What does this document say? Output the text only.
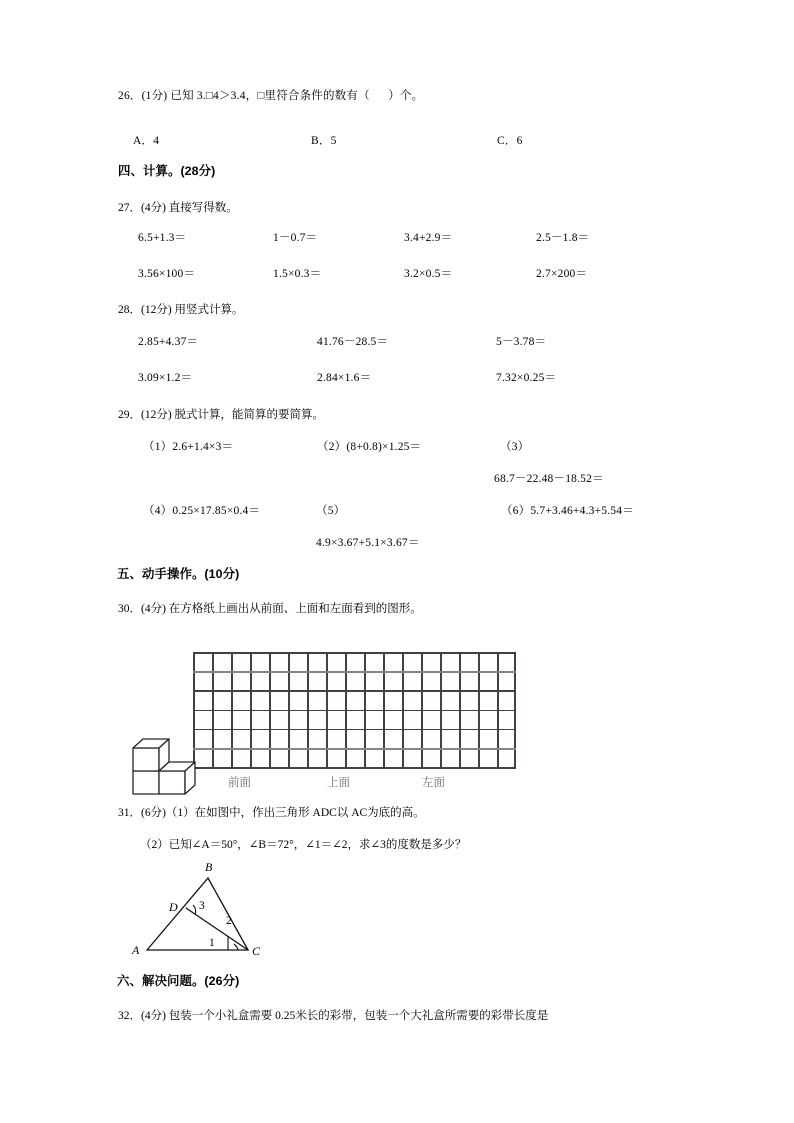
26．(1分) 已知 3.□4＞3.4，□里符合条件的数有（      ）个。
A．4	B．5	C．6
四、计算。(28分)
27．(4分) 直接写得数。
6.5+1.3＝	1－0.7＝	3.4+2.9＝	2.5－1.8＝
3.56×100＝	1.5×0.3＝	3.2×0.5＝	2.7×200＝
28．(12分) 用竖式计算。
2.85+4.37＝	41.76－28.5＝	5－3.78＝
3.09×1.2＝	2.84×1.6＝	7.32×0.25＝
29．(12分) 脱式计算，能简算的要简算。
（1）2.6+1.4×3＝	（2）(8+0.8)×1.25＝	（3）
68.7－22.48－18.52＝
（4）0.25×17.85×0.4＝	（5）	（6）5.7+3.46+4.3+5.54＝
4.9×3.67+5.1×3.67＝
五、动手操作。(10分)
30．(4分) 在方格纸上画出从前面、上面和左面看到的图形。
前面	上面	左面
31．(6分)（1）在如图中，作出三角形 ADC以 AC为底的高。
（2）已知∠A＝50°，∠B＝72°，∠1＝∠2，求∠3的度数是多少？
A
B
C
D
1
2
3
六、解决问题。(26分)
32．(4分) 包装一个小礼盒需要 0.25米长的彩带，包装一个大礼盒所需要的彩带长度是
